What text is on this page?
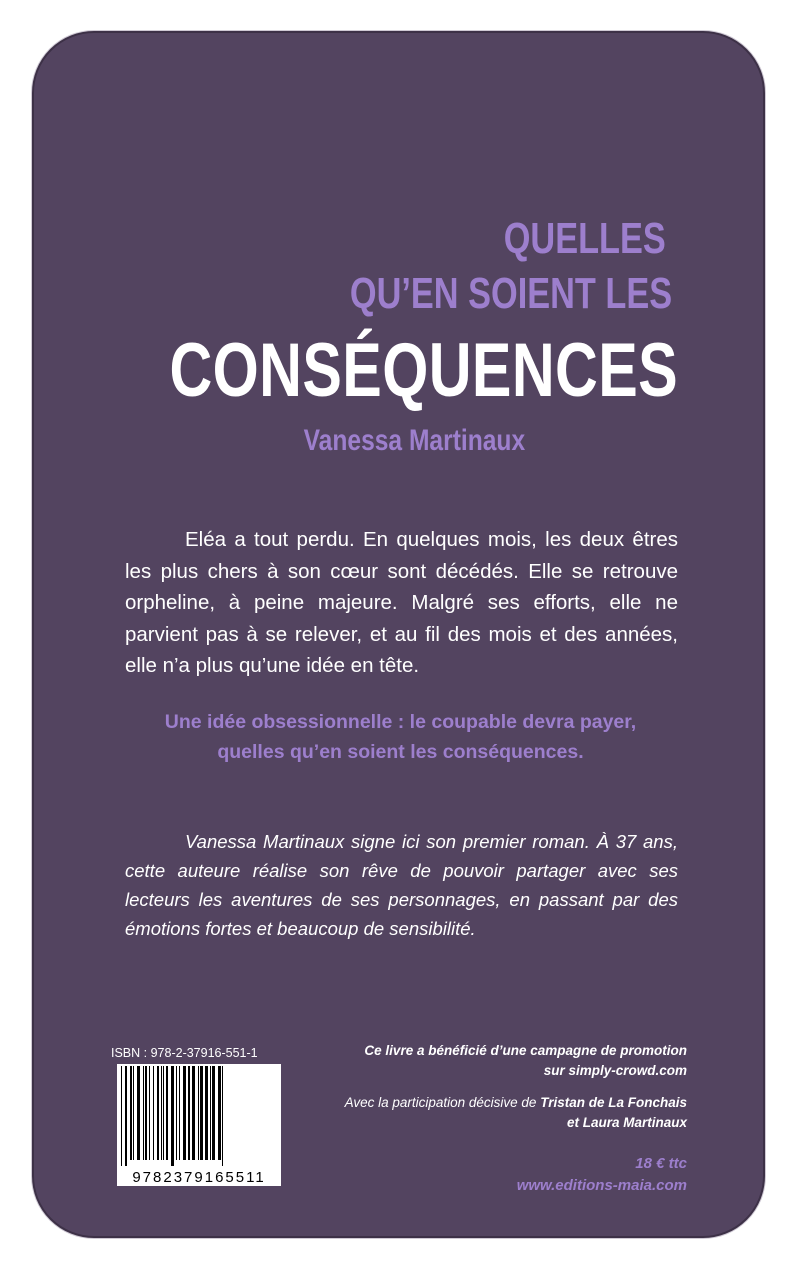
QUELLES
QU’EN SOIENT LES
CONSÉQUENCES
Vanessa Martinaux

Eléa a tout perdu. En quelques mois, les deux êtres les plus chers à son cœur sont décédés. Elle se retrouve orpheline, à peine majeure. Malgré ses efforts, elle ne parvient pas à se relever, et au fil des mois et des années, elle n’a plus qu’une idée en tête.

Une idée obsessionnelle : le coupable devra payer,
quelles qu’en soient les conséquences.

Vanessa Martinaux signe ici son premier roman. À 37 ans, cette auteure réalise son rêve de pouvoir partager avec ses lecteurs les aventures de ses personnages, en passant par des émotions fortes et beaucoup de sensibilité.

ISBN : 978-2-37916-551-1

9782379165511

Ce livre a bénéficié d’une campagne de promotion

sur simply-crowd.com

Avec la participation décisive de Tristan de La Fonchais
et Laura Martinaux

18 € ttc

www.editions-maia.com
